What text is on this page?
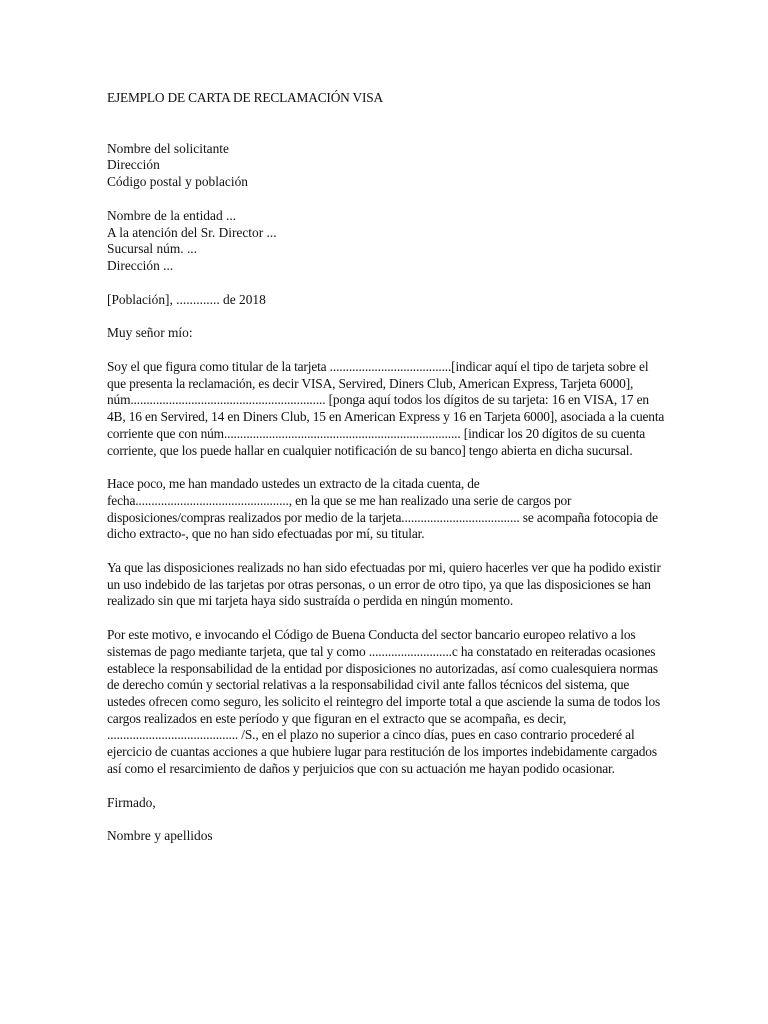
EJEMPLO DE CARTA DE RECLAMACIÓN VISA
Nombre del solicitante
Dirección
Código postal y población
Nombre de la entidad ...
A la atención del Sr. Director ...
Sucursal núm. ...
Dirección ...
[Población], ............. de 2018
Muy señor mío:

Soy el que figura como titular de la tarjeta ......................................[indicar aquí el tipo de tarjeta sobre el que presenta la reclamación, es decir VISA, Servired, Diners Club, American Express, Tarjeta 6000], núm............................................................. [ponga aquí todos los dígitos de su tarjeta: 16 en VISA, 17 en 4B, 16 en Servired, 14 en Diners Club, 15 en American Express y 16 en Tarjeta 6000], asociada a la cuenta corriente que con núm.......................................................................... [indicar los 20 dígitos de su cuenta corriente, que los puede hallar en cualquier notificación de su banco] tengo abierta en dicha sucursal.

Hace poco, me han mandado ustedes un extracto de la citada cuenta, de fecha................................................, en la que se me han realizado una serie de cargos por disposiciones/compras realizados por medio de la tarjeta..................................... se acompaña fotocopia de dicho extracto-, que no han sido efectuadas por mí, su titular.

Ya que las disposiciones realizads no han sido efectuadas por mi, quiero hacerles ver que ha podido existir un uso indebido de las tarjetas por otras personas, o un error de otro tipo, ya que las disposiciones se han realizado sin que mi tarjeta haya sido sustraída o perdida en ningún momento.

Por este motivo, e invocando el Código de Buena Conducta del sector bancario europeo relativo a los sistemas de pago mediante tarjeta, que tal y como ..........................c ha constatado en reiteradas ocasiones establece la responsabilidad de la entidad por disposiciones no autorizadas, así como cualesquiera normas de derecho común y sectorial relativas a la responsabilidad civil ante fallos técnicos del sistema, que ustedes ofrecen como seguro, les solicito el reintegro del importe total a que asciende la suma de todos los cargos realizados en este período y que figuran en el extracto que se acompaña, es decir, ......................................... /S., en el plazo no superior a cinco días, pues en caso contrario procederé al ejercicio de cuantas acciones a que hubiere lugar para restitución de los importes indebidamente cargados así como el resarcimiento de daños y perjuicios que con su actuación me hayan podido ocasionar.

Firmado,
Nombre y apellidos
